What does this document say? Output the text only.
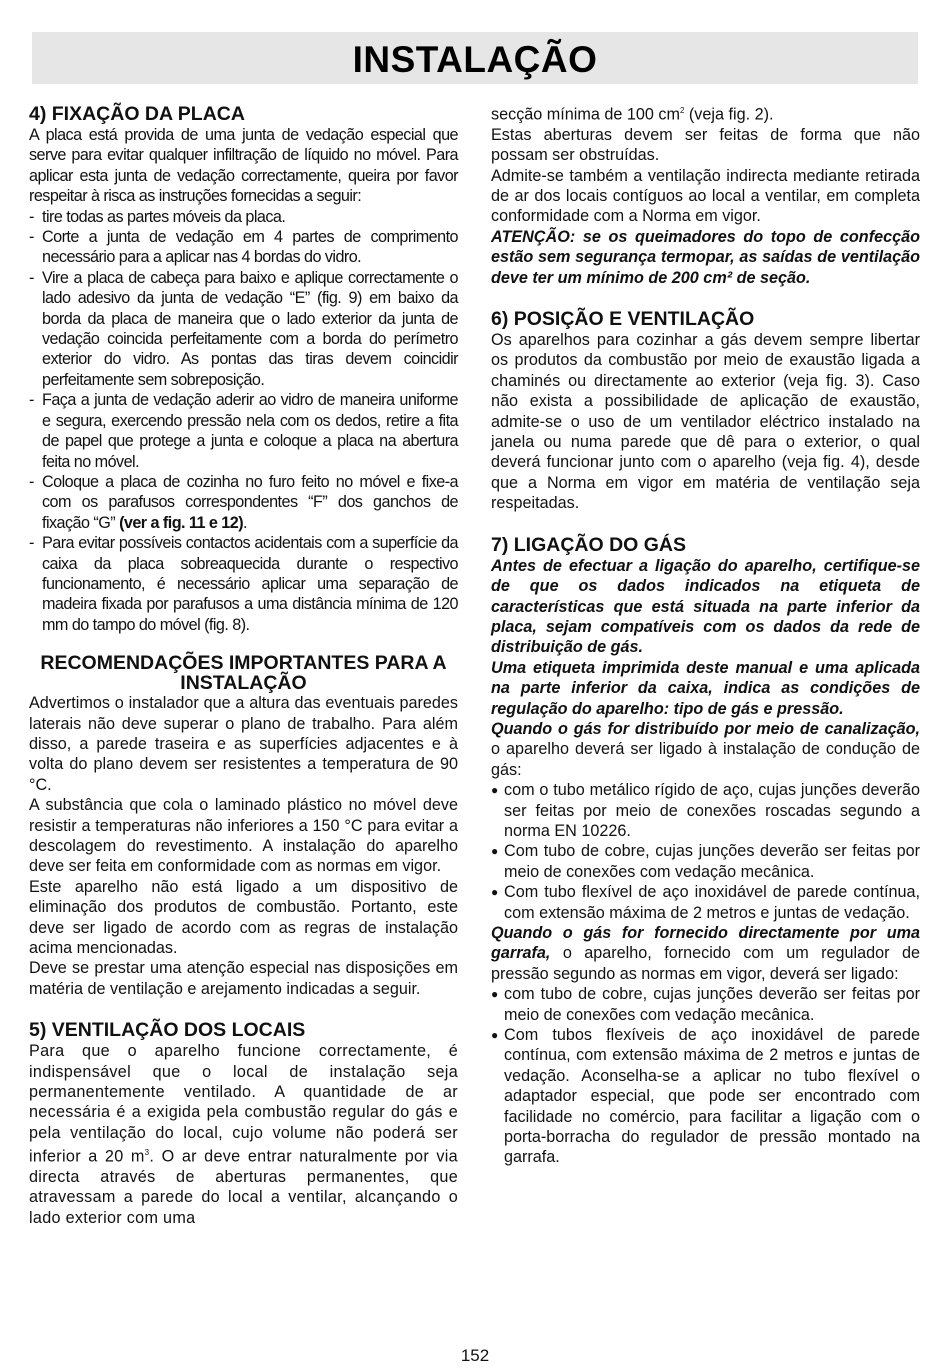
INSTALAÇÃO
4) FIXAÇÃO DA PLACA

A placa está provida de uma junta de vedação especial que serve para evitar qualquer infiltração de líquido no móvel. Para aplicar esta junta de vedação correctamente, queira por favor respeitar à risca as instruções fornecidas a seguir:

- tire todas as partes móveis da placa.
- Corte a junta de vedação em 4 partes de comprimento necessário para a aplicar nas 4 bordas do vidro.
- Vire a placa de cabeça para baixo e aplique correctamente o lado adesivo da junta de vedação “E” (fig. 9) em baixo da borda da placa de maneira que o lado exterior da junta de vedação coincida perfeitamente com a borda do perímetro exterior do vidro. As pontas das tiras devem coincidir perfeitamente sem sobreposição.
- Faça a junta de vedação aderir ao vidro de maneira uniforme e segura, exercendo pressão nela com os dedos, retire a fita de papel que protege a junta e coloque a placa na abertura feita no móvel.
- Coloque a placa de cozinha no furo feito no móvel e fixe-a com os parafusos correspondentes “F” dos ganchos de fixação “G” (ver a fig. 11 e 12).
- Para evitar possíveis contactos acidentais com a superfície da caixa da placa sobreaquecida durante o respectivo funcionamento, é necessário aplicar uma separação de madeira fixada por parafusos a uma distância mínima de 120 mm do tampo do móvel (fig. 8).
RECOMENDAÇÕES IMPORTANTES PARA A INSTALAÇÃO

Advertimos o instalador que a altura das eventuais paredes laterais não deve superar o plano de trabalho. Para além disso, a parede traseira e as superfícies adjacentes e à volta do plano devem ser resistentes a temperatura de 90 °C.

A substância que cola o laminado plástico no móvel deve resistir a temperaturas não inferiores a 150 °C para evitar a descolagem do revestimento. A instalação do aparelho deve ser feita em conformidade com as normas em vigor.

Este aparelho não está ligado a um dispositivo de eliminação dos produtos de combustão. Portanto, este deve ser ligado de acordo com as regras de instalação acima mencionadas.

Deve se prestar uma atenção especial nas disposições em matéria de ventilação e arejamento indicadas a seguir.

5) VENTILAÇÃO DOS LOCAIS

Para que o aparelho funcione correctamente, é indispensável que o local de instalação seja permanentemente ventilado. A quantidade de ar necessária é a exigida pela combustão regular do gás e pela ventilação do local, cujo volume não poderá ser inferior a 20 $m^3$. O ar deve entrar naturalmente por via directa através de aberturas permanentes, que atravessam a parede do local a ventilar, alcançando o lado exterior com uma

secção mínima de 100 $cm^2$ (veja fig. 2).

Estas aberturas devem ser feitas de forma que não possam ser obstruídas.

Admite-se também a ventilação indirecta mediante retirada de ar dos locais contíguos ao local a ventilar, em completa conformidade com a Norma em vigor.

ATENÇÃO: se os queimadores do topo de confecção estão sem segurança termopar, as saídas de ventilação deve ter um mínimo de 200 cm² de seção.

6) POSIÇÃO E VENTILAÇÃO

Os aparelhos para cozinhar a gás devem sempre libertar os produtos da combustão por meio de exaustão ligada a chaminés ou directamente ao exterior (veja fig. 3). Caso não exista a possibilidade de aplicação de exaustão, admite-se o uso de um ventilador eléctrico instalado na janela ou numa parede que dê para o exterior, o qual deverá funcionar junto com o aparelho (veja fig. 4), desde que a Norma em vigor em matéria de ventilação seja respeitadas.

7) LIGAÇÃO DO GÁS

Antes de efectuar a ligação do aparelho, certifique-se de que os dados indicados na etiqueta de características que está situada na parte inferior da placa, sejam compatíveis com os dados da rede de distribuição de gás.

Uma etiqueta imprimida deste manual e uma aplicada na parte inferior da caixa, indica as condições de regulação do aparelho: tipo de gás e pressão.

Quando o gás for distribuído por meio de canalização, o aparelho deverá ser ligado à instalação de condução de gás:

● com o tubo metálico rígido de aço, cujas junções deverão ser feitas por meio de conexões roscadas segundo a norma EN 10226.
● Com tubo de cobre, cujas junções deverão ser feitas por meio de conexões com vedação mecânica.
● Com tubo flexível de aço inoxidável de parede contínua, com extensão máxima de 2 metros e juntas de vedação.

Quando o gás for fornecido directamente por uma garrafa, o aparelho, fornecido com um regulador de pressão segundo as normas em vigor, deverá ser ligado:

● com tubo de cobre, cujas junções deverão ser feitas por meio de conexões com vedação mecânica.
● Com tubos flexíveis de aço inoxidável de parede contínua, com extensão máxima de 2 metros e juntas de vedação. Aconselha-se a aplicar no tubo flexível o adaptador especial, que pode ser encontrado com facilidade no comércio, para facilitar a ligação com o porta-borracha do regulador de pressão montado na garrafa.
152
